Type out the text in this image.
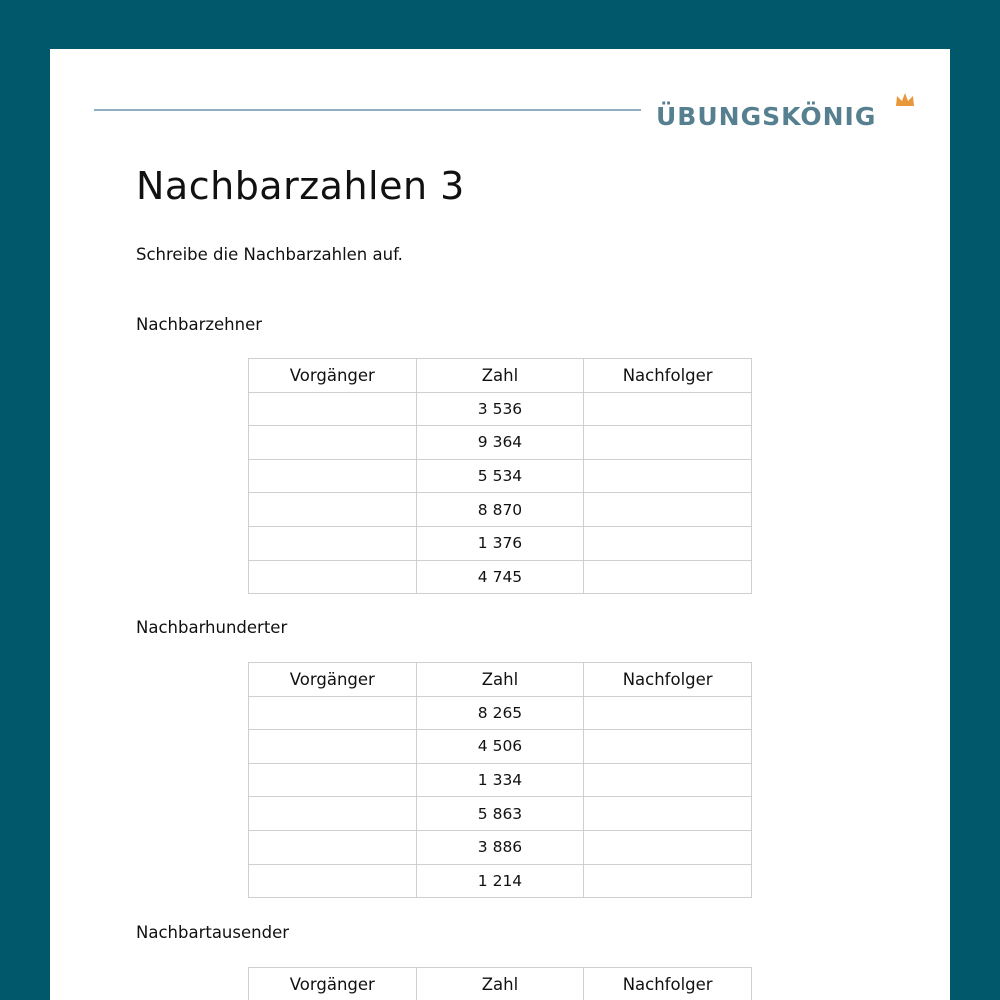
ÜBUNGSKÖNIG
Nachbarzahlen 3
Schreibe die Nachbarzahlen auf.
Nachbarzehner
Vorgänger	Zahl	Nachfolger
	3 536	
	9 364	
	5 534	
	8 870	
	1 376	
	4 745	
Nachbarhunderter
Vorgänger	Zahl	Nachfolger
	8 265	
	4 506	
	1 334	
	5 863	
	3 886	
	1 214	
Nachbartausender
Vorgänger	Zahl	Nachfolger
